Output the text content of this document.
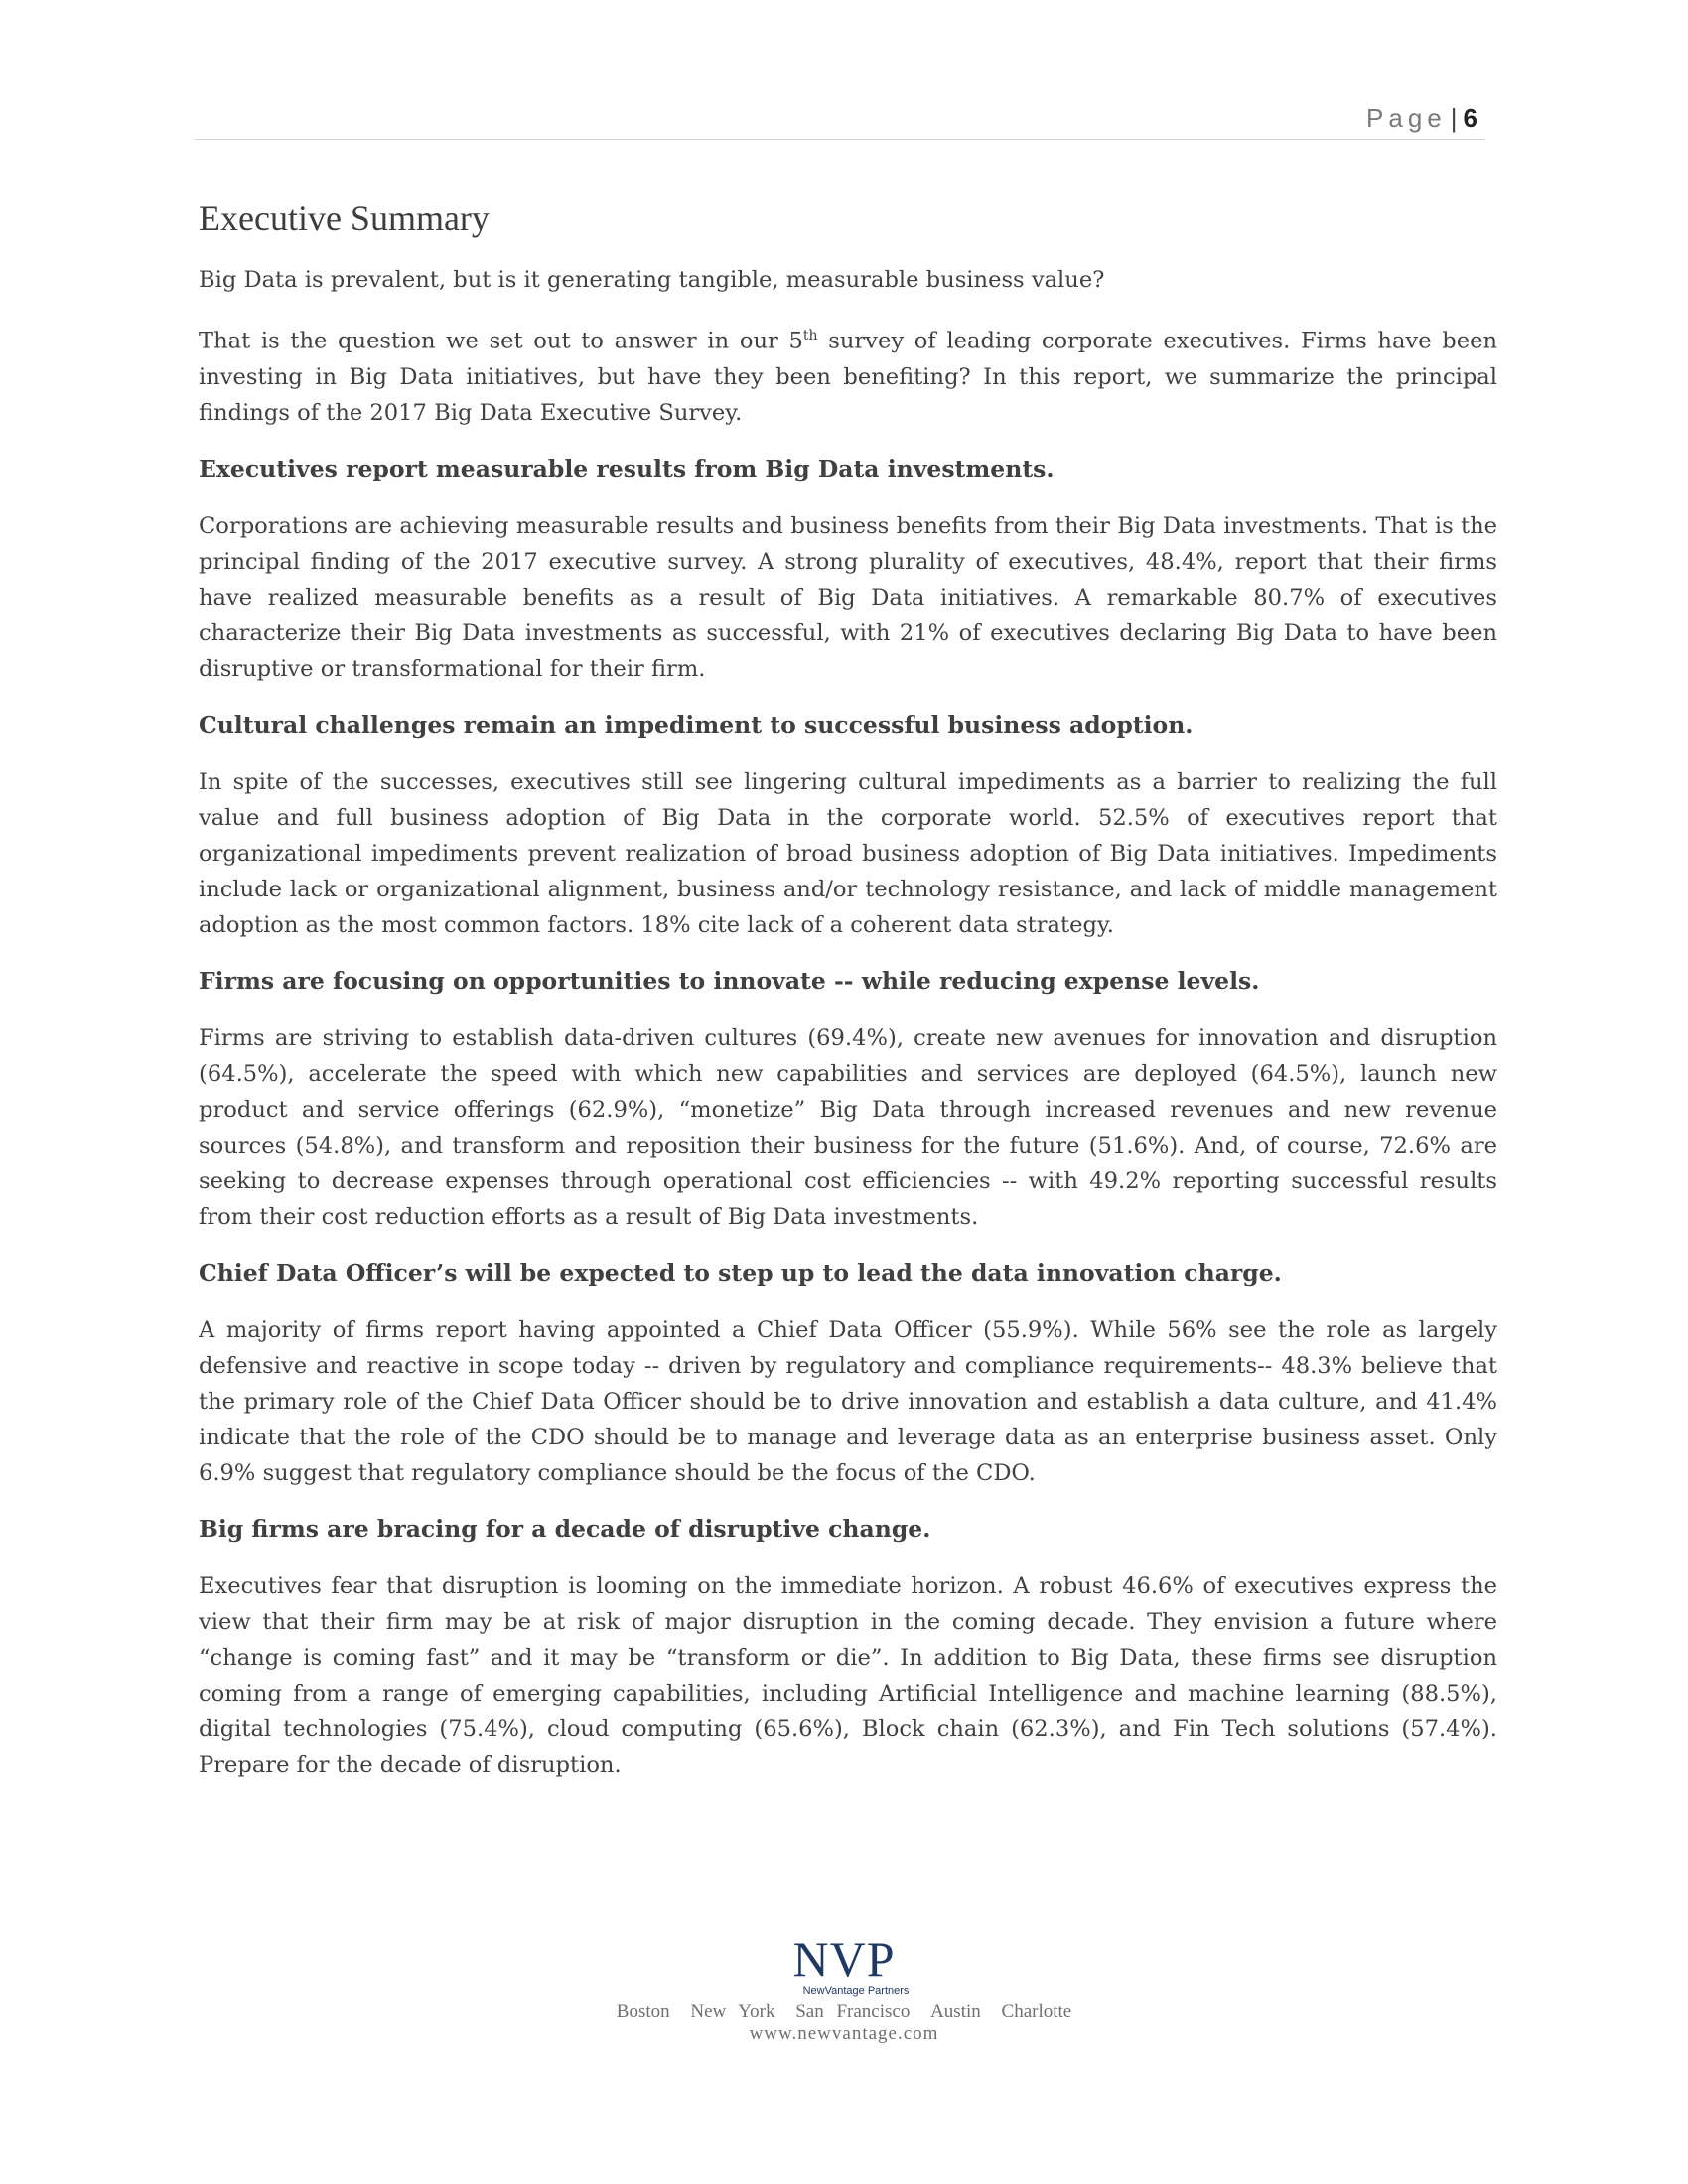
Page | 6
Executive Summary

Big Data is prevalent, but is it generating tangible, measurable business value?

That is the question we set out to answer in our 5th survey of leading corporate executives. Firms have been investing in Big Data initiatives, but have they been benefiting? In this report, we summarize the principal findings of the 2017 Big Data Executive Survey.

Executives report measurable results from Big Data investments.

Corporations are achieving measurable results and business benefits from their Big Data investments. That is the principal finding of the 2017 executive survey. A strong plurality of executives, 48.4%, report that their firms have realized measurable benefits as a result of Big Data initiatives. A remarkable 80.7% of executives characterize their Big Data investments as successful, with 21% of executives declaring Big Data to have been disruptive or transformational for their firm.

Cultural challenges remain an impediment to successful business adoption.

In spite of the successes, executives still see lingering cultural impediments as a barrier to realizing the full value and full business adoption of Big Data in the corporate world. 52.5% of executives report that organizational impediments prevent realization of broad business adoption of Big Data initiatives. Impediments include lack or organizational alignment, business and/or technology resistance, and lack of middle management adoption as the most common factors. 18% cite lack of a coherent data strategy.

Firms are focusing on opportunities to innovate -- while reducing expense levels.

Firms are striving to establish data-driven cultures (69.4%), create new avenues for innovation and disruption (64.5%), accelerate the speed with which new capabilities and services are deployed (64.5%), launch new product and service offerings (62.9%), “monetize” Big Data through increased revenues and new revenue sources (54.8%), and transform and reposition their business for the future (51.6%). And, of course, 72.6% are seeking to decrease expenses through operational cost efficiencies -- with 49.2% reporting successful results from their cost reduction efforts as a result of Big Data investments.

Chief Data Officer’s will be expected to step up to lead the data innovation charge.

A majority of firms report having appointed a Chief Data Officer (55.9%). While 56% see the role as largely defensive and reactive in scope today -- driven by regulatory and compliance requirements-- 48.3% believe that the primary role of the Chief Data Officer should be to drive innovation and establish a data culture, and 41.4% indicate that the role of the CDO should be to manage and leverage data as an enterprise business asset. Only 6.9% suggest that regulatory compliance should be the focus of the CDO.

Big firms are bracing for a decade of disruptive change.

Executives fear that disruption is looming on the immediate horizon. A robust 46.6% of executives express the view that their firm may be at risk of major disruption in the coming decade. They envision a future where “change is coming fast” and it may be “transform or die”. In addition to Big Data, these firms see disruption coming from a range of emerging capabilities, including Artificial Intelligence and machine learning (88.5%), digital technologies (75.4%), cloud computing (65.6%), Block chain (62.3%), and Fin Tech solutions (57.4%). Prepare for the decade of disruption.

NVP
NewVantage Partners
Boston New York San Francisco Austin Charlotte
www.newvantage.com
